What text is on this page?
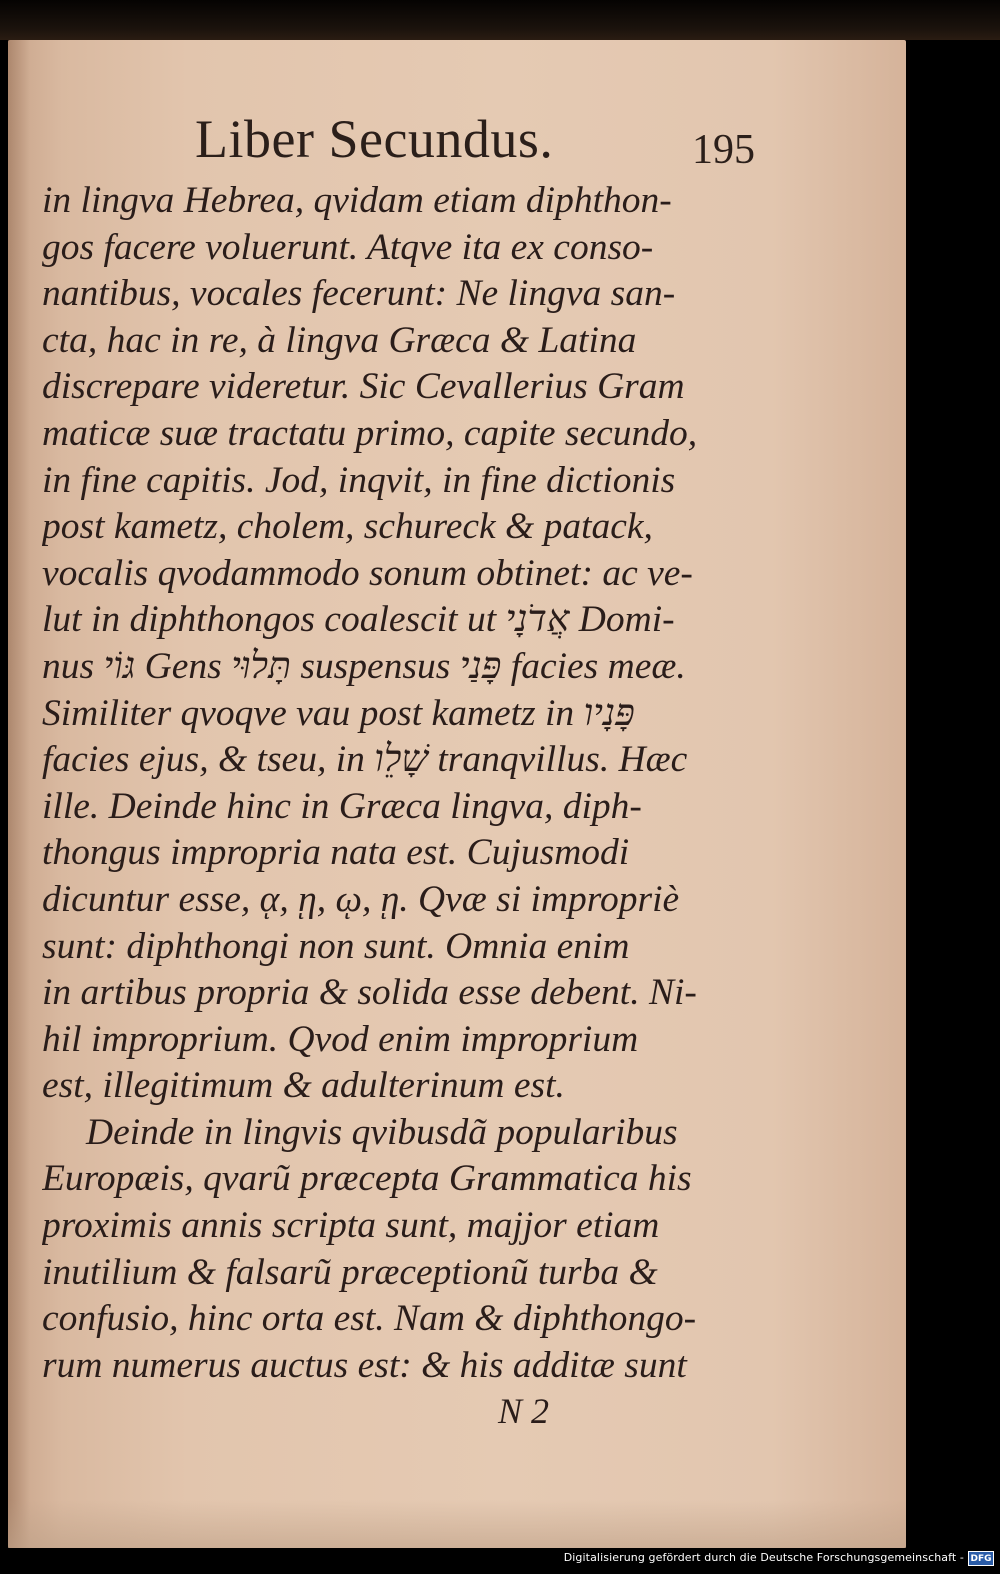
Liber Secundus.	195
in lingva Hebrea, qvidam etiam diphthon-
gos facere voluerunt. Atqve ita ex conso-
nantibus, vocales fecerunt: Ne lingva san-
cta, hac in re, à lingva Græca & Latina
discrepare videretur. Sic Cevallerius Gram
maticæ suæ tractatu primo, capite secundo,
in fine capitis. Jod, inqvit, in fine dictionis
post kametz, cholem, schureck & patack,
vocalis qvodammodo sonum obtinet: ac ve-
lut in diphthongos coalescit ut אֲדֹנָי Domi-
nus גּוֹי Gens תָּלוּי suspensus פָּנַי facies meæ.
Similiter qvoqve vau post kametz in פָּנָיו
facies ejus, & tseu, in שָׁלֵו tranqvillus. Hæc
ille. Deinde hinc in Græca lingva, diph-
thongus impropria nata est. Cujusmodi
dicuntur esse, ᾳ, ῃ, ῳ, ῃ. Qvæ si impropriè
sunt: diphthongi non sunt. Omnia enim
in artibus propria & solida esse debent. Ni-
hil improprium. Qvod enim improprium
est, illegitimum & adulterinum est.
Deinde in lingvis qvibusdã popularibus
Europæis, qvarũ præcepta Grammatica his
proximis annis scripta sunt, majjor etiam
inutilium & falsarũ præceptionũ turba &
confusio, hinc orta est. Nam & diphthongo-
rum numerus auctus est: & his additæ sunt
N 2
Digitalisierung gefördert durch die Deutsche Forschungsgemeinschaft - DFG
